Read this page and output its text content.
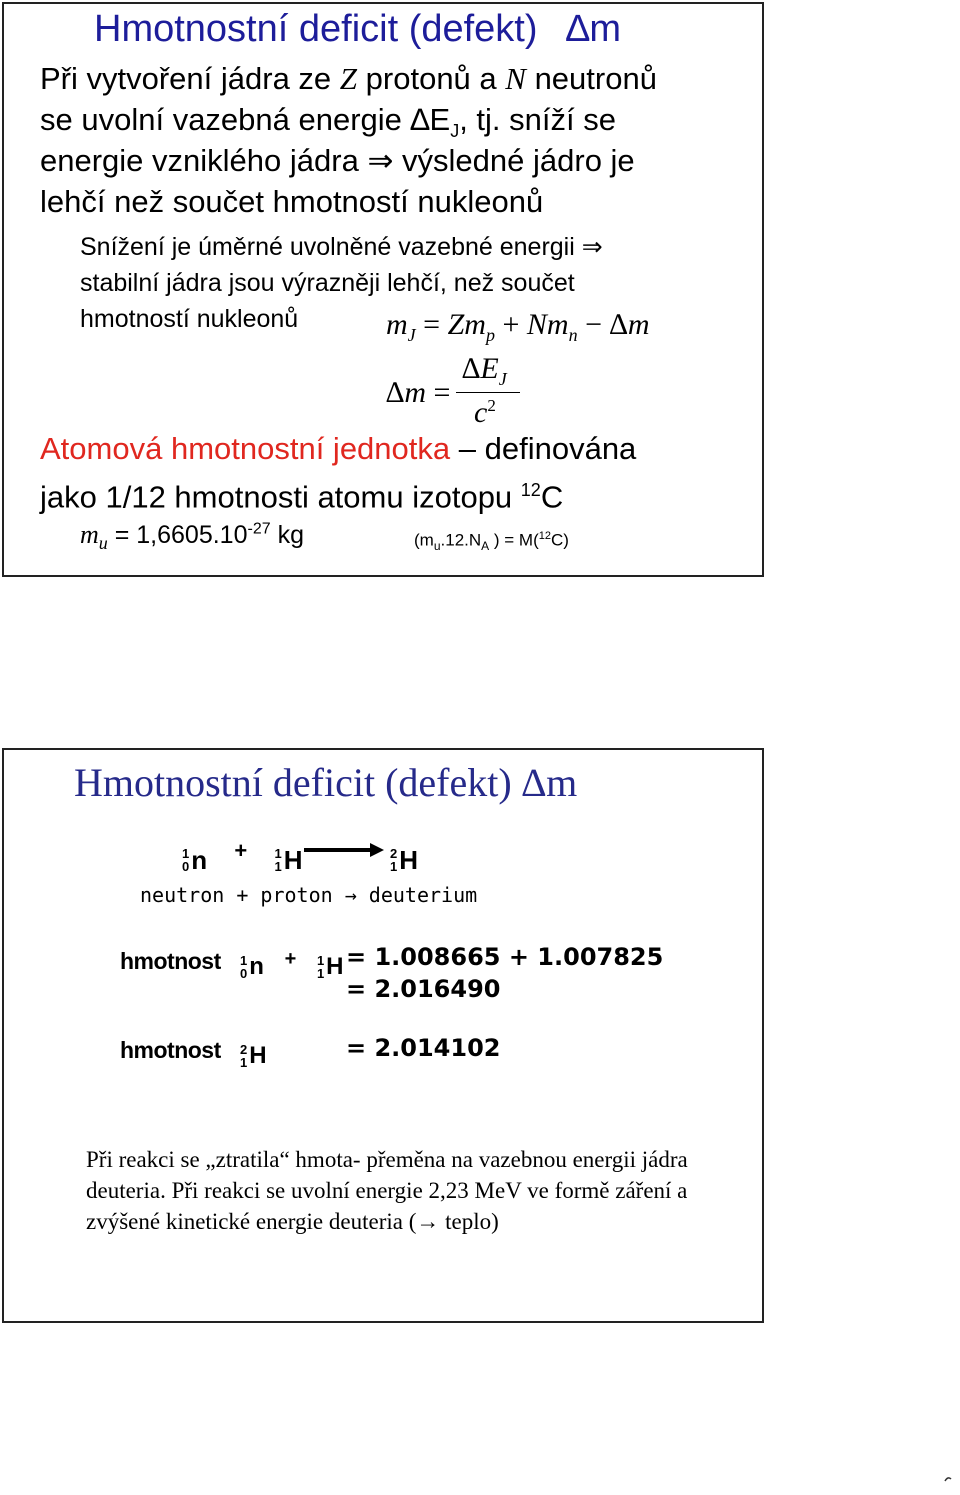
Hmotnostní deficit (defekt) ∆m
Při vytvoření jádra ze Z protonů a N neutronů
se uvolní vazebná energie $\Delta E_J$, tj. sníží se
energie vzniklého jádra ⇒ výsledné jádro je
lehčí než součet hmotností nukleonů
Snížení je úměrné uvolněné vazebné energii ⇒
stabilní jádra jsou výrazněji lehčí, než součet
hmotností nukleonů	$m_J = Zm_p + Nm_n - \Delta m$
∆m =
$\Delta E_J$
$c^2$
Atomová hmotnostní jednotka – definována
jako 1/12 hmotnosti atomu izotopu $^{12}$C
$m_u = 1,6605.10^{-27}$ kg	($m_u.12.N_A$ ) = M($^{12}$C)
Hmotnostní deficit (defekt) ∆m
1
0 n + 1
1 H	2
1 H
neutron + proton → deuterium
hmotnost 1
0 n + 1
1 H = 1.008665 + 1.007825
= 2.016490
hmotnost 2
1 H	= 2.014102
Při reakci se „ztratila“ hmota- přeměna na vazebnou energii jádra deuteria. Při reakci se uvolní energie 2,23 MeV ve formě záření a zvýšené kinetické energie deuteria (→ teplo)
